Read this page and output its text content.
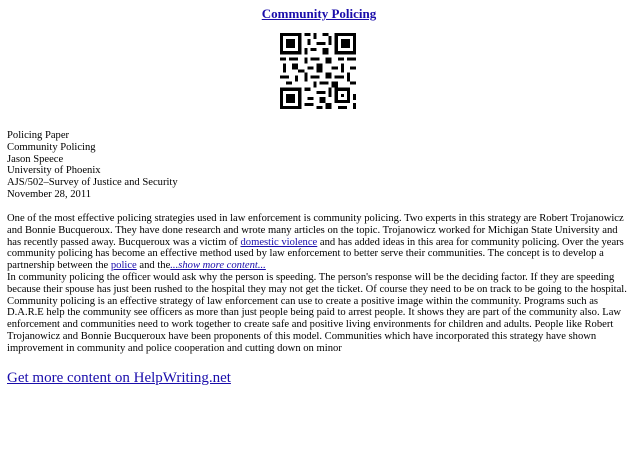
Community Policing
Policing Paper
Community Policing
Jason Speece
University of Phoenix
AJS/502–Survey of Justice and Security
November 28, 2011

One of the most effective policing strategies used in law enforcement is community policing. Two experts in this strategy are Robert Trojanowicz and Bonnie Bucqueroux. They have done research and wrote many articles on the topic. Trojanowicz worked for Michigan State University and has recently passed away. Bucqueroux was a victim of domestic violence and has added ideas in this area for community policing. Over the years community policing has become an effective method used by law enforcement to better serve their communities. The concept is to develop a partnership between the police and the...show more content...

In community policing the officer would ask why the person is speeding. The person's response will be the deciding factor. If they are speeding because their spouse has just been rushed to the hospital they may not get the ticket. Of course they need to be on track to be going to the hospital. Community policing is an effective strategy of law enforcement can use to create a positive image within the community. Programs such as D.A.R.E help the community see officers as more than just people being paid to arrest people. It shows they are part of the community also. Law enforcement and communities need to work together to create safe and positive living environments for children and adults. People like Robert Trojanowicz and Bonnie Bucqueroux have been proponents of this model. Communities which have incorporated this strategy have shown improvement in community and police cooperation and cutting down on minor

Get more content on HelpWriting.net
